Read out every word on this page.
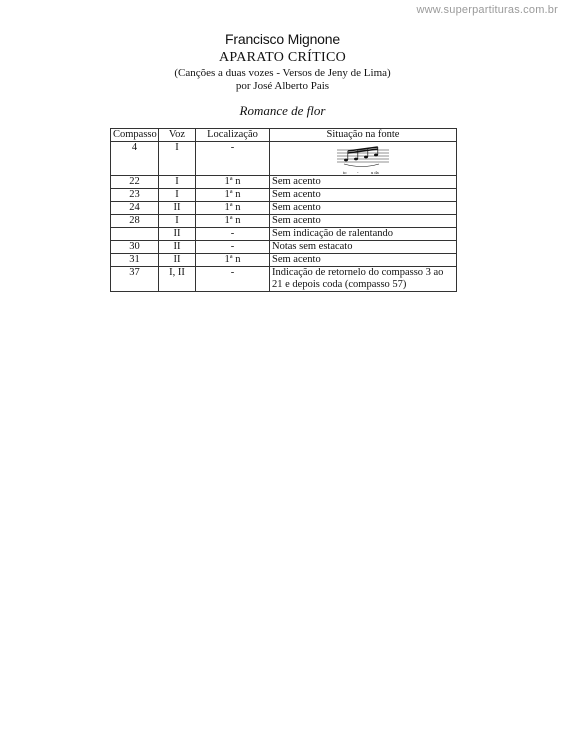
www.superpartituras.com.br
Francisco Mignone
APARATO CRÍTICO
(Canções a duas vozes - Versos de Jeny de Lima)
por José Alberto Pais
Romance de flor
Compasso	Voz	Localização	Situação na fonte
4	I	-	to - u da

22	I	1$^a$ n	Sem acento
23	I	1$^a$ n	Sem acento
24	II	1$^a$ n	Sem acento
28	I	1$^a$ n	Sem acento
	II	-	Sem indicação de ralentando
30	II	-	Notas sem estacato
31	II	1$^a$ n	Sem acento
37	I, II	-	Indicação de retornelo do compasso 3 ao 21 e depois coda (compasso 57)
